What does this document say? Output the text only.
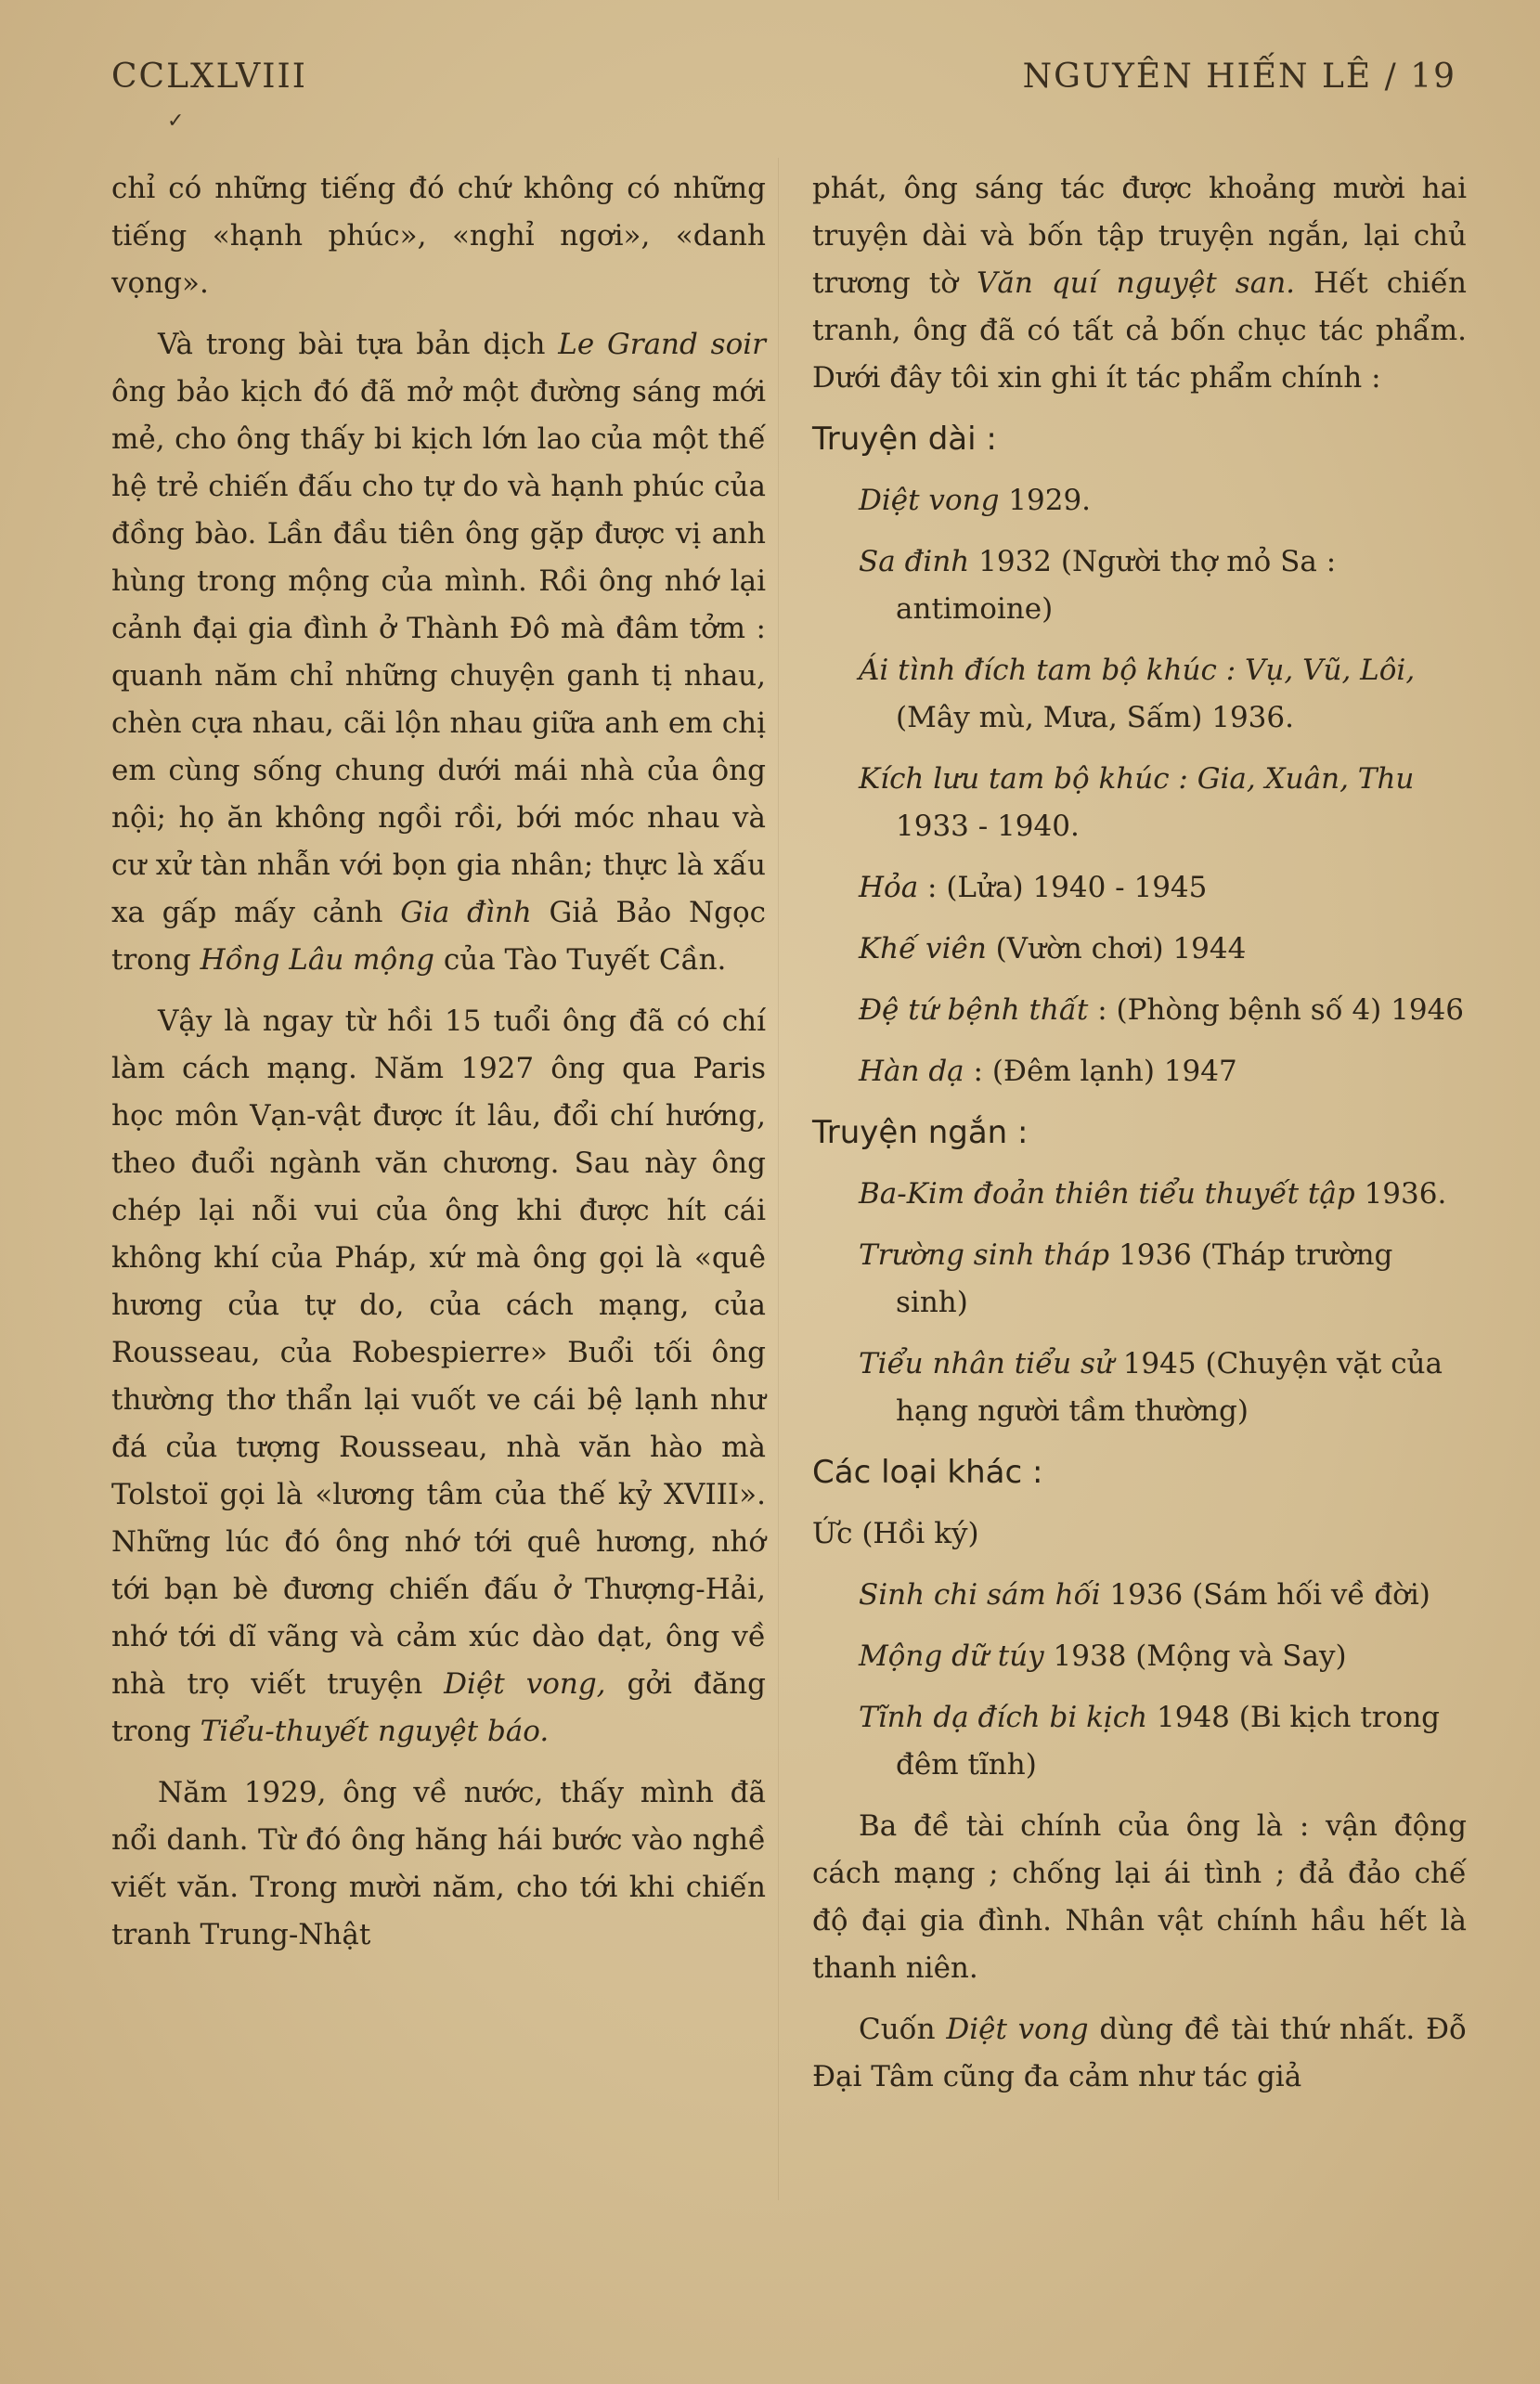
CCLXLVIII	NGUYÊN HIẾN LÊ / 19
✓

chỉ có những tiếng đó chứ không có những tiếng «hạnh phúc», «nghỉ ngơi», «danh vọng».

Và trong bài tựa bản dịch Le Grand soir ông bảo kịch đó đã mở một đường sáng mới mẻ, cho ông thấy bi kịch lớn lao của một thế hệ trẻ chiến đấu cho tự do và hạnh phúc của đồng bào. Lần đầu tiên ông gặp được vị anh hùng trong mộng của mình. Rồi ông nhớ lại cảnh đại gia đình ở Thành Đô mà đâm tởm : quanh năm chỉ những chuyện ganh tị nhau, chèn cựa nhau, cãi lộn nhau giữa anh em chị em cùng sống chung dưới mái nhà của ông nội; họ ăn không ngồi rồi, bới móc nhau và cư xử tàn nhẫn với bọn gia nhân; thực là xấu xa gấp mấy cảnh Gia đình Giả Bảo Ngọc trong Hồng Lâu mộng của Tào Tuyết Cần.

Vậy là ngay từ hồi 15 tuổi ông đã có chí làm cách mạng. Năm 1927 ông qua Paris học môn Vạn-vật được ít lâu, đổi chí hướng, theo đuổi ngành văn chương. Sau này ông chép lại nỗi vui của ông khi được hít cái không khí của Pháp, xứ mà ông gọi là «quê hương của tự do, của cách mạng, của Rousseau, của Robespierre» Buổi tối ông thường thơ thẩn lại vuốt ve cái bệ lạnh như đá của tượng Rousseau, nhà văn hào mà Tolstoï gọi là «lương tâm của thế kỷ XVIII». Những lúc đó ông nhớ tới quê hương, nhớ tới bạn bè đương chiến đấu ở Thượng-Hải, nhớ tới dĩ vãng và cảm xúc dào dạt, ông về nhà trọ viết truyện Diệt vong, gởi đăng trong Tiểu-thuyết nguyệt báo.

Năm 1929, ông về nước, thấy mình đã nổi danh. Từ đó ông hăng hái bước vào nghề viết văn. Trong mười năm, cho tới khi chiến tranh Trung-Nhật

phát, ông sáng tác được khoảng mười hai truyện dài và bốn tập truyện ngắn, lại chủ trương tờ Văn quí nguyệt san. Hết chiến tranh, ông đã có tất cả bốn chục tác phẩm. Dưới đây tôi xin ghi ít tác phẩm chính :

Truyện dài :
Diệt vong 1929.
Sa đinh 1932 (Người thợ mỏ Sa : antimoine)
Ái tình đích tam bộ khúc : Vụ, Vũ, Lôi, (Mây mù, Mưa, Sấm) 1936.
Kích lưu tam bộ khúc : Gia, Xuân, Thu 1933 - 1940.
Hỏa : (Lửa) 1940 - 1945
Khế viên (Vườn chơi) 1944
Đệ tứ bệnh thất : (Phòng bệnh số 4) 1946
Hàn dạ : (Đêm lạnh) 1947
Truyện ngắn :
Ba-Kim đoản thiên tiểu thuyết tập 1936.
Trường sinh tháp 1936 (Tháp trường sinh)
Tiểu nhân tiểu sử 1945 (Chuyện vặt của hạng người tầm thường)
Các loại khác :
Ức (Hồi ký)
Sinh chi sám hối 1936 (Sám hối về đời)
Mộng dữ túy 1938 (Mộng và Say)
Tĩnh dạ đích bi kịch 1948 (Bi kịch trong đêm tĩnh)

Ba đề tài chính của ông là : vận động cách mạng ; chống lại ái tình ; đả đảo chế độ đại gia đình. Nhân vật chính hầu hết là thanh niên.

Cuốn Diệt vong dùng đề tài thứ nhất. Đỗ Đại Tâm cũng đa cảm như tác giả
